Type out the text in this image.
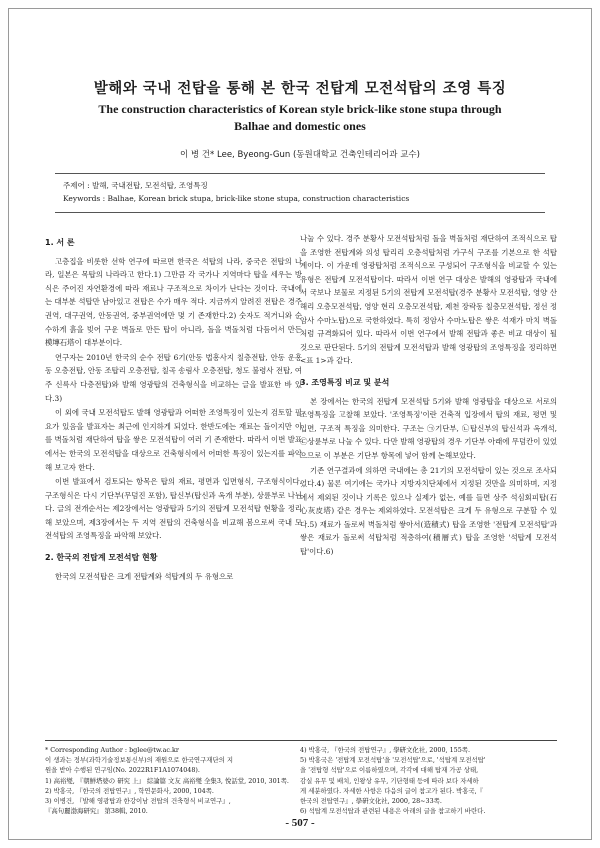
발해와 국내 전탑을 통해 본 한국 전탑계 모전석탑의 조영 특징
The construction characteristics of Korean style brick-like stone stupa through
Balhae and domestic ones
이 병 건* Lee, Byeong-Gun (동원대학교 건축인테리어과 교수)
주제어 : 발해, 국내전탑, 모전석탑, 조영특징
Keywords : Balhae, Korean brick stupa, brick-like stone stupa, construction characteristics
1. 서 론

고층집을 비롯한 선학 연구에 따르면 한국은 석탑의 나라, 중국은 전탑의 나라, 일본은 목탑의 나라라고 한다.1) 그만큼 각 국가나 지역마다 탑을 세우는 방식은 주어진 자연환경에 따라 재료나 구조적으로 차이가 난다는 것이다. 국내에는 대부분 석탑만 남아있고 전탑은 수가 매우 적다. 지금까지 알려진 전탑은 경주권역, 대구권역, 안동권역, 중부권역에만 몇 기 존재한다.2) 숫자도 적거니와 순수하게 흙을 빚어 구운 벽돌로 만든 탑이 아니라, 돌을 벽돌처럼 다듬어서 만든 模塼石塔이 대부분이다.

연구자는 2010년 한국의 순수 전탑 6기(안동 법흥사지 칠층전탑, 안동 운흥동 오층전탑, 안동 조탑리 오층전탑, 칠곡 송림사 오층전탑, 청도 불령사 전탑, 여주 신륵사 다층전탑)와 발해 영광탑의 건축형식을 비교하는 글을 발표한 바 있다.3)

이 외에 국내 모전석탑도 발해 영광탑과 어떠한 조영특징이 있는지 검토할 필요가 있음을 발표자는 최근에 인지하게 되었다. 한반도에는 재료는 돌이지만 이를 벽돌처럼 재단하여 탑을 쌓은 모전석탑이 여러 기 존재한다. 따라서 이번 발표에서는 한국의 모전석탑을 대상으로 건축형식에서 어떠한 특징이 있는지를 파악해 보고자 한다.

이번 발표에서 검토되는 항목은 탑의 재료, 평면과 입면형식, 구조형식이다. 구조형식은 다시 기단부(무덤진 포함), 탑신부(탑신과 옥개 부분), 상륜부로 나뉜다. 글의 전개순서는 제2장에서는 영광탑과 5기의 전탑계 모전석탑 현황을 정리해 보았으며, 제3장에서는 두 지역 전탑의 건축형식을 비교해 봄으로써 국내 모전석탑의 조영특징을 파악해 보았다.

2. 한국의 전탑계 모전석탑 현황

한국의 모전석탑은 크게 전탑계와 석탑계의 두 유형으로

나눌 수 있다. 경주 분황사 모전석탑처럼 돌을 벽돌처럼 재단하여 조적식으로 탑을 조영한 전탑계와 의성 탑리리 오층석탑처럼 가구식 구조를 기본으로 한 석탑계이다. 이 가운데 영광탑처럼 조적식으로 구성되어 구조형식을 비교할 수 있는 유형은 전탑계 모전석탑이다. 따라서 이번 연구 대상은 발해의 영광탑과 국내에서 국보나 보물로 지정된 5기의 전탑계 모전석탑(경주 분황사 모전석탑, 영양 산해리 오층모전석탑, 영양 현리 오층모전석탑, 제천 장락동 칠층모전석탑, 정선 정암사 수마노탑)으로 국한하였다. 특히 정암사 수마노탑은 쌓은 석재가 마치 벽돌처럼 규격화되어 있다. 따라서 이번 연구에서 발해 전탑과 좋은 비교 대상이 될 것으로 판단된다. 5기의 전탑계 모전석탑과 발해 영광탑의 조영특징을 정리하면 <표 1>과 같다.

3. 조영특징 비교 및 분석

본 장에서는 한국의 전탑계 모전석탑 5기와 발해 영광탑을 대상으로 서로의 조영특징을 고찰해 보았다. '조영특징'이란 건축적 입장에서 탑의 재료, 평면 및 입면, 구조적 특징을 의미한다. 구조는 ㉠기단부, ㉡탑신부의 탑신석과 옥개석, ㉢상륜부로 나눌 수 있다. 다만 발해 영광탑의 경우 기단부 아래에 무덤칸이 있었으므로 이 부분은 기단부 항목에 넣어 함께 논해보았다.

기존 연구결과에 의하면 국내에는 총 21기의 모전석탑이 있는 것으로 조사되었다.4) 물론 여기에는 국가나 지방자치단체에서 지정된 것만을 의미하며, 지정에서 제외된 것이나 기록은 있으나 실제가 없는, 예를 들면 상주 석심회피탑(石心灰皮塔) 같은 경우는 제외하였다. 모전석탑은 크게 두 유형으로 구분할 수 있다.5) 재료가 돌로써 벽돌처럼 쌓아서(造積式) 탑을 조영한 '전탑계 모전석탑'과 쌓은 재료가 돌로써 석탑처럼 적층하여(積層式) 탑을 조영한 '석탑계 모전석탑'이다.6)

* Corresponding Author : bglee@tw.ac.kr
이 생과는 정부(과학기술정보통신부)의 재원으로 한국연구재단의 지
원을 받아 수행된 연구임(No. 2022R1F1A1074048).
1) 高裕燮, 『朝鮮塔婆の 研究 上』 綜論篇 文友 高裕燮 全集3, 悅話堂, 2010, 301쪽.
2) 박홍국, 『한국의 전탑연구』, 학연문화사, 2000, 104쪽.
3) 이병건, 『발해 영광탑과 한강이남 전탑의 건축형식 비교연구』,
『高句麗渤海研究』 第38輯, 2010.
4) 박홍국, 『한국의 전탑연구』, 學硏文化社, 2000, 155쪽.
5) 박홍국은 '전탑계 모전석탑'을 '모전석탑'으로, '석탑계 모전석탑'
을 '전탑형 석탑'으로 이름하였으며, 각각에 대해 탑재 가공 상태,
감실 유무 및 배치, 인왕상 유무, 기단형태 등에 따라 보다 자세하
게 세분하였다. 자세한 사항은 다음의 글이 참고가 된다. 박홍국,『
한국의 전탑연구』, 學硏文化社, 2000, 28~33쪽.
6) 석탑계 모전석탑과 관련된 내용은 아래의 글을 참고하기 바란다.
- 507 -
